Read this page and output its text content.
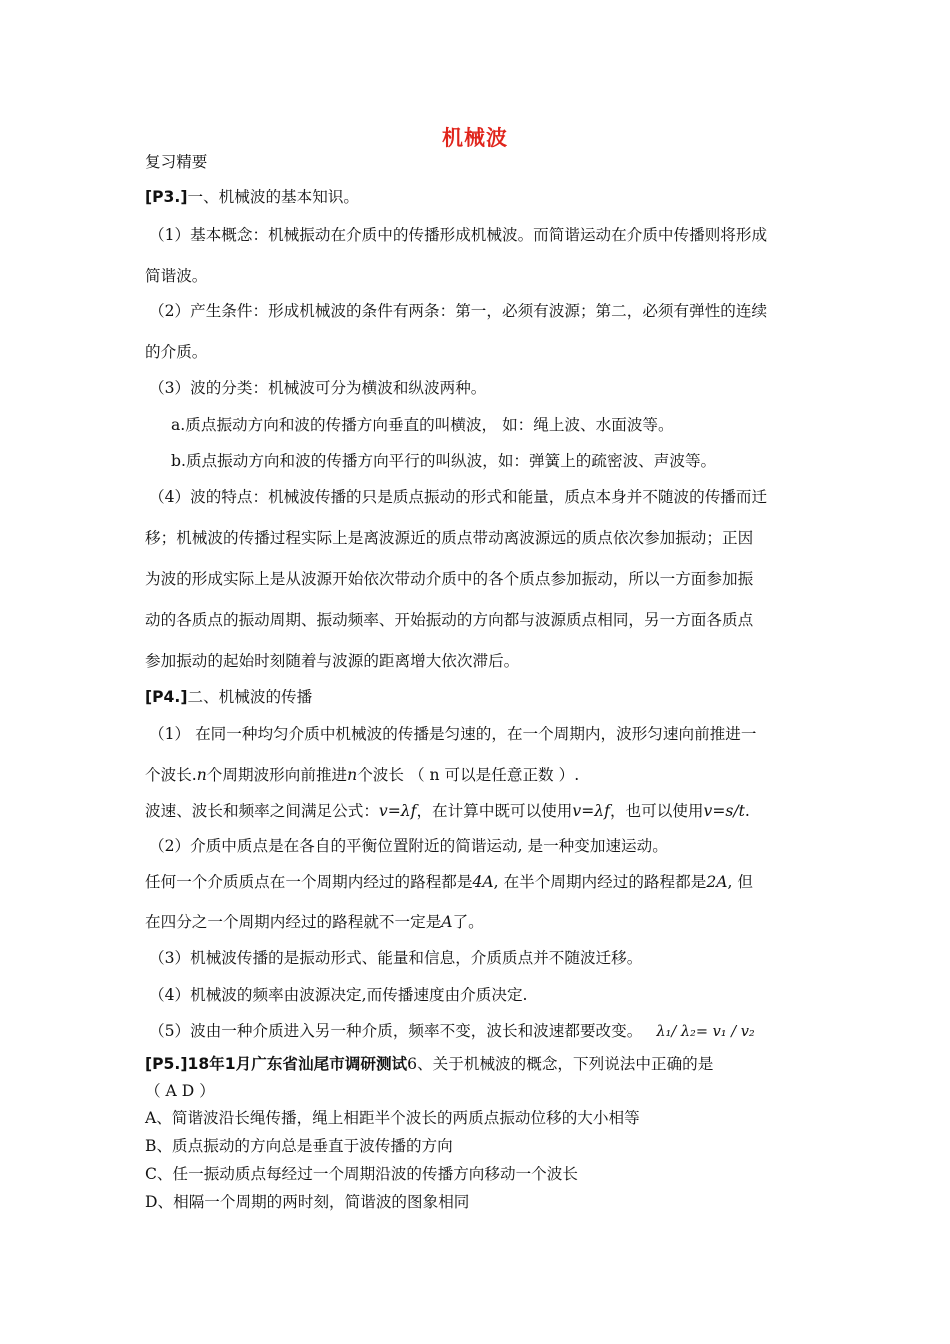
机械波
复习精要
[P3.]一、机械波的基本知识。
（1）基本概念：机械振动在介质中的传播形成机械波。而简谐运动在介质中传播则将形成
简谐波。
（2）产生条件：形成机械波的条件有两条：第一，必须有波源；第二，必须有弹性的连续
的介质。
（3）波的分类：机械波可分为横波和纵波两种。
a.质点振动方向和波的传播方向垂直的叫横波， 如：绳上波、水面波等。
b.质点振动方向和波的传播方向平行的叫纵波，如：弹簧上的疏密波、声波等。
（4）波的特点：机械波传播的只是质点振动的形式和能量，质点本身并不随波的传播而迁
移；机械波的传播过程实际上是离波源近的质点带动离波源远的质点依次参加振动；正因
为波的形成实际上是从波源开始依次带动介质中的各个质点参加振动，所以一方面参加振
动的各质点的振动周期、振动频率、开始振动的方向都与波源质点相同，另一方面各质点
参加振动的起始时刻随着与波源的距离增大依次滞后。
[P4.]二、机械波的传播
（1） 在同一种均匀介质中机械波的传播是匀速的，在一个周期内，波形匀速向前推进一
个波长.n个周期波形向前推进n个波长 （ n 可以是任意正数 ）.
波速、波长和频率之间满足公式：v=λf，在计算中既可以使用v=λf，也可以使用v=s/t.
（2）介质中质点是在各自的平衡位置附近的简谐运动, 是一种变加速运动。
任何一个介质质点在一个周期内经过的路程都是4A, 在半个周期内经过的路程都是2A, 但
在四分之一个周期内经过的路程就不一定是A了。
（3）机械波传播的是振动形式、能量和信息，介质质点并不随波迁移。
（4）机械波的频率由波源决定,而传播速度由介质决定.
（5）波由一种介质进入另一种介质，频率不变，波长和波速都要改变。 λ₁/ λ₂= v₁ / v₂
[P5.]18年1月广东省汕尾市调研测试6、关于机械波的概念，下列说法中正确的是
（ A D ）
A、简谐波沿长绳传播，绳上相距半个波长的两质点振动位移的大小相等
B、质点振动的方向总是垂直于波传播的方向
C、任一振动质点每经过一个周期沿波的传播方向移动一个波长
D、相隔一个周期的两时刻，简谐波的图象相同
